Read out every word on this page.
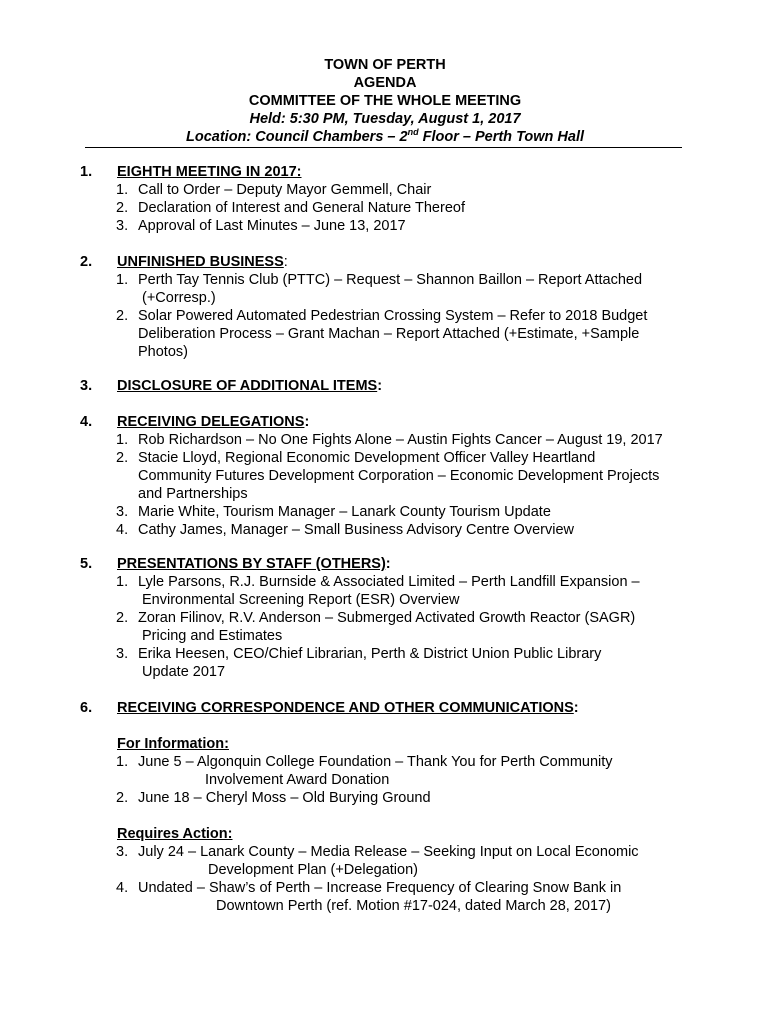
TOWN OF PERTH
AGENDA
COMMITTEE OF THE WHOLE MEETING
Held: 5:30 PM, Tuesday, August 1, 2017
Location: Council Chambers – 2nd Floor – Perth Town Hall
1. EIGHTH MEETING IN 2017:
1. Call to Order – Deputy Mayor Gemmell, Chair
2. Declaration of Interest and General Nature Thereof
3. Approval of Last Minutes – June 13, 2017
2. UNFINISHED BUSINESS:
1. Perth Tay Tennis Club (PTTC) – Request – Shannon Baillon – Report Attached
(+Corresp.)
2. Solar Powered Automated Pedestrian Crossing System – Refer to 2018 Budget
Deliberation Process – Grant Machan – Report Attached (+Estimate, +Sample
Photos)
3. DISCLOSURE OF ADDITIONAL ITEMS:
4. RECEIVING DELEGATIONS:
1. Rob Richardson – No One Fights Alone – Austin Fights Cancer – August 19, 2017
2. Stacie Lloyd, Regional Economic Development Officer Valley Heartland
Community Futures Development Corporation – Economic Development Projects
and Partnerships
3. Marie White, Tourism Manager – Lanark County Tourism Update
4. Cathy James, Manager – Small Business Advisory Centre Overview
5. PRESENTATIONS BY STAFF (OTHERS):
1. Lyle Parsons, R.J. Burnside & Associated Limited – Perth Landfill Expansion –
Environmental Screening Report (ESR) Overview
2. Zoran Filinov, R.V. Anderson – Submerged Activated Growth Reactor (SAGR)
Pricing and Estimates
3. Erika Heesen, CEO/Chief Librarian, Perth & District Union Public Library
Update 2017
6. RECEIVING CORRESPONDENCE AND OTHER COMMUNICATIONS:
For Information:
1. June 5 – Algonquin College Foundation – Thank You for Perth Community
Involvement Award Donation
2. June 18 – Cheryl Moss – Old Burying Ground
Requires Action:
3. July 24 – Lanark County – Media Release – Seeking Input on Local Economic
Development Plan (+Delegation)
4. Undated – Shaw’s of Perth – Increase Frequency of Clearing Snow Bank in
Downtown Perth (ref. Motion #17-024, dated March 28, 2017)
